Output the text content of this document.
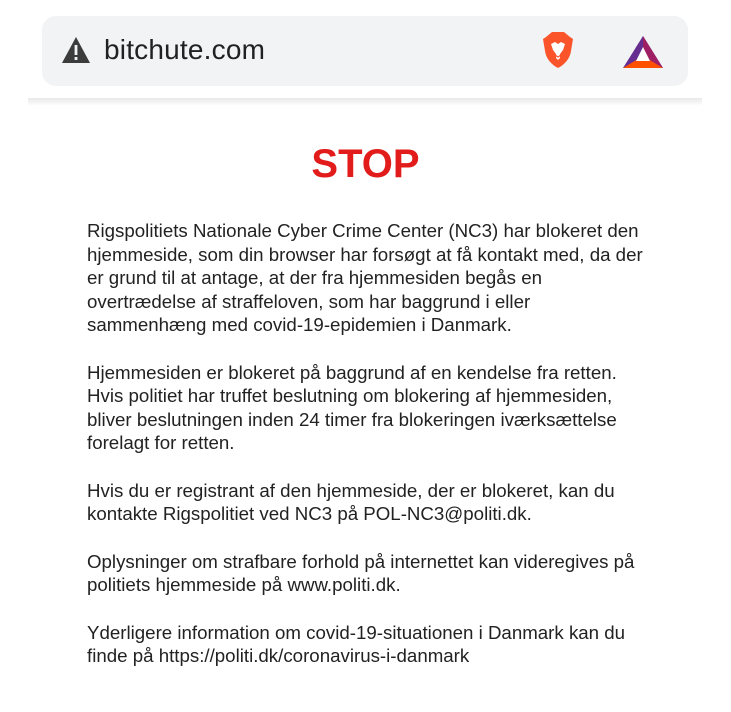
bitchute.com
STOP

Rigspolitiets Nationale Cyber Crime Center (NC3) har blokeret den hjemmeside, som din browser har forsøgt at få kontakt med, da der er grund til at antage, at der fra hjemmesiden begås en overtrædelse af straffeloven, som har baggrund i eller sammenhæng med covid-19-epidemien i Danmark.

Hjemmesiden er blokeret på baggrund af en kendelse fra retten. Hvis politiet har truffet beslutning om blokering af hjemmesiden, bliver beslutningen inden 24 timer fra blokeringen iværksættelse forelagt for retten.

Hvis du er registrant af den hjemmeside, der er blokeret, kan du kontakte Rigspolitiet ved NC3 på POL-NC3@politi.dk.

Oplysninger om strafbare forhold på internettet kan videregives på politiets hjemmeside på www.politi.dk.

Yderligere information om covid-19-situationen i Danmark kan du finde på https://politi.dk/coronavirus-i-danmark
